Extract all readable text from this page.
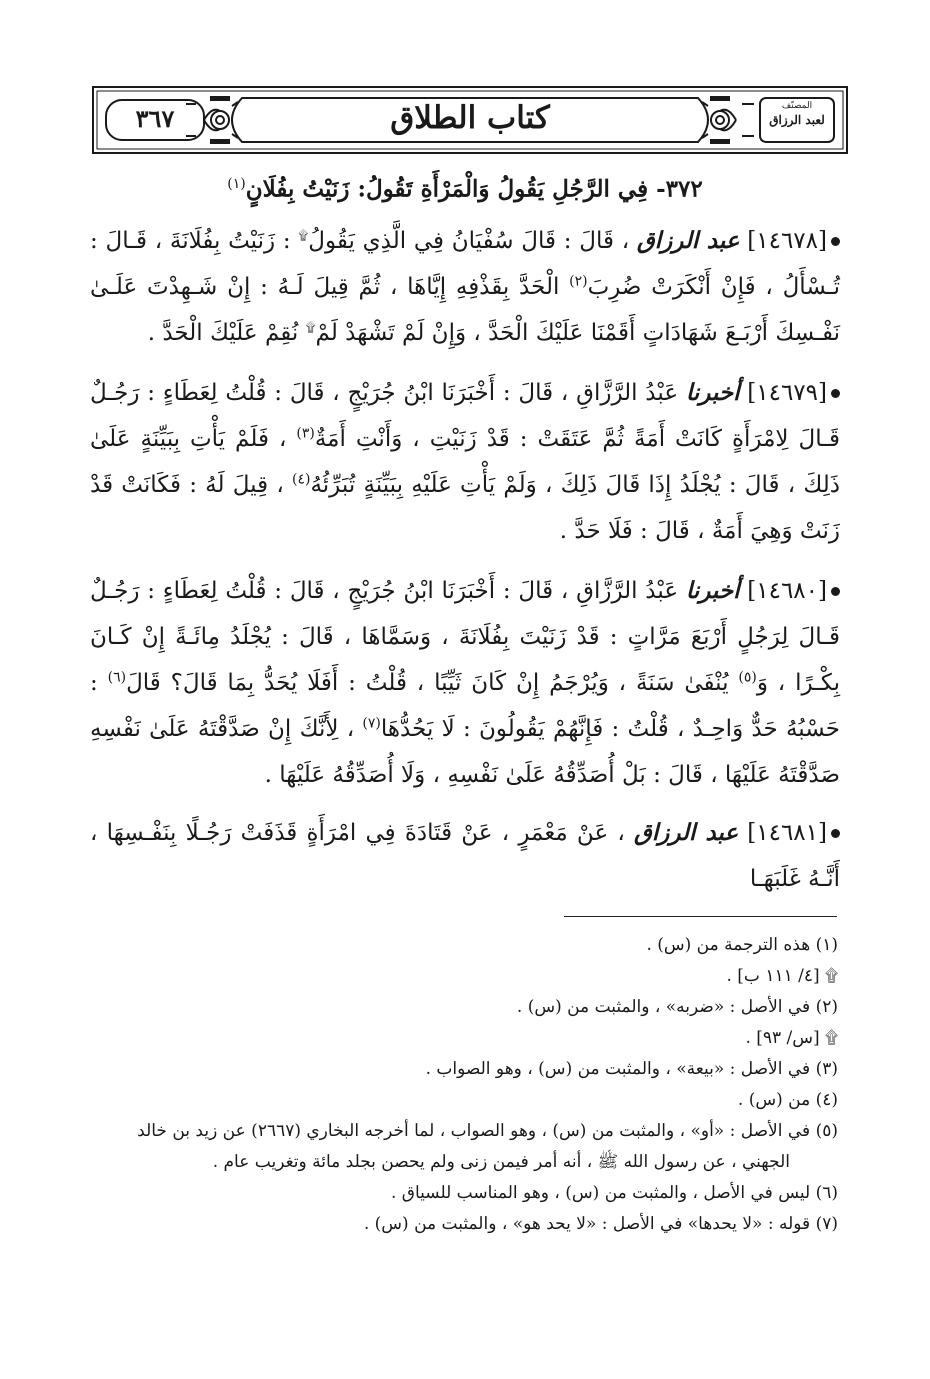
كتاب الطلاق
٣٦٧	المصنّف
لعبد الرزاق

٣٧٢- فِي الرَّجُلِ يَقُولُ وَالْمَرْأَةِ تَقُولُ: زَنَيْتُ بِفُلَانٍ$^{(١)}$

[١٤٦٧٨] عبد الرزاق ، قَالَ : قَالَ سُفْيَانُ فِي الَّذِي يَقُولُ۩ : زَنَيْتُ بِفُلَانَةَ ، قَـالَ : تُـسْأَلُ ، فَإِنْ أَنْكَرَتْ ضُرِبَ$^{(٢)}$ الْحَدَّ بِقَذْفِهِ إِيَّاهَا ، ثُمَّ قِيلَ لَـهُ : إِنْ شَـهِدْتَ عَلَـىٰ نَفْـسِكَ أَرْبَـعَ شَهَادَاتٍ أَقَمْنَا عَلَيْكَ الْحَدَّ ، وَإِنْ لَمْ تَشْهَدْ لَمْ۩ نُقِمْ عَلَيْكَ الْحَدَّ .

[١٤٦٧٩] أخبرنا عَبْدُ الرَّزَّاقِ ، قَالَ : أَخْبَرَنَا ابْنُ جُرَيْجٍ ، قَالَ : قُلْتُ لِعَطَاءٍ : رَجُـلٌ قَـالَ لِامْرَأَةٍ كَانَتْ أَمَةً ثُمَّ عَتَقَتْ : قَدْ زَنَيْتِ ، وَأَنْتِ أَمَةٌ$^{(٣)}$ ، فَلَمْ يَأْتِ بِبَيِّنَةٍ عَلَىٰ ذَلِكَ ، قَالَ : يُجْلَدُ إِذَا قَالَ ذَلِكَ ، وَلَمْ يَأْتِ عَلَيْهِ بِبَيِّنَةٍ تُبَرِّئُهُ$^{(٤)}$ ، قِيلَ لَهُ : فَكَانَتْ قَدْ زَنَتْ وَهِيَ أَمَةٌ ، قَالَ : فَلَا حَدَّ .

[١٤٦٨٠] أخبرنا عَبْدُ الرَّزَّاقِ ، قَالَ : أَخْبَرَنَا ابْنُ جُرَيْجٍ ، قَالَ : قُلْتُ لِعَطَاءٍ : رَجُـلٌ قَـالَ لِرَجُلٍ أَرْبَعَ مَرَّاتٍ : قَدْ زَنَيْتَ بِفُلَانَةَ ، وَسَمَّاهَا ، قَالَ : يُجْلَدُ مِائَـةً إِنْ كَـانَ بِكْـرًا ، وَ$^{(٥)}$ يُنْفَىٰ سَنَةً ، وَيُرْجَمُ إِنْ كَانَ ثَيِّبًا ، قُلْتُ : أَفَلَا يُحَدُّ بِمَا قَالَ؟ قَالَ$^{(٦)}$ : حَسْبُهُ حَدٌّ وَاحِـدٌ ، قُلْتُ : فَإِنَّهُمْ يَقُولُونَ : لَا يَحُدُّهَا$^{(٧)}$ ، لِأَنَّكَ إِنْ صَدَّقْتَهُ عَلَىٰ نَفْسِهِ صَدَّقْتَهُ عَلَيْهَا ، قَالَ : بَلْ أُصَدِّقُهُ عَلَىٰ نَفْسِهِ ، وَلَا أُصَدِّقُهُ عَلَيْهَا .

[١٤٦٨١] عبد الرزاق ، عَنْ مَعْمَرٍ ، عَنْ قَتَادَةَ فِي امْرَأَةٍ قَذَفَتْ رَجُـلًا بِنَفْـسِهَا ، أَنَّـهُ غَلَبَهَـا

(١) هذه الترجمة من (س) .

۩ [٤/ ١١١ ب] .

(٢) في الأصل : «ضربه» ، والمثبت من (س) .

۩ [س/ ٩٣] .

(٣) في الأصل : «بيعة» ، والمثبت من (س) ، وهو الصواب .

(٤) من (س) .

(٥) في الأصل : «أو» ، والمثبت من (س) ، وهو الصواب ، لما أخرجه البخاري (٢٦٦٧) عن زيد بن خالد

الجهني ، عن رسول الله ﷺ ، أنه أمر فيمن زنى ولم يحصن بجلد مائة وتغريب عام .

(٦) ليس في الأصل ، والمثبت من (س) ، وهو المناسب للسياق .

(٧) قوله : «لا يحدها» في الأصل : «لا يحد هو» ، والمثبت من (س) .
